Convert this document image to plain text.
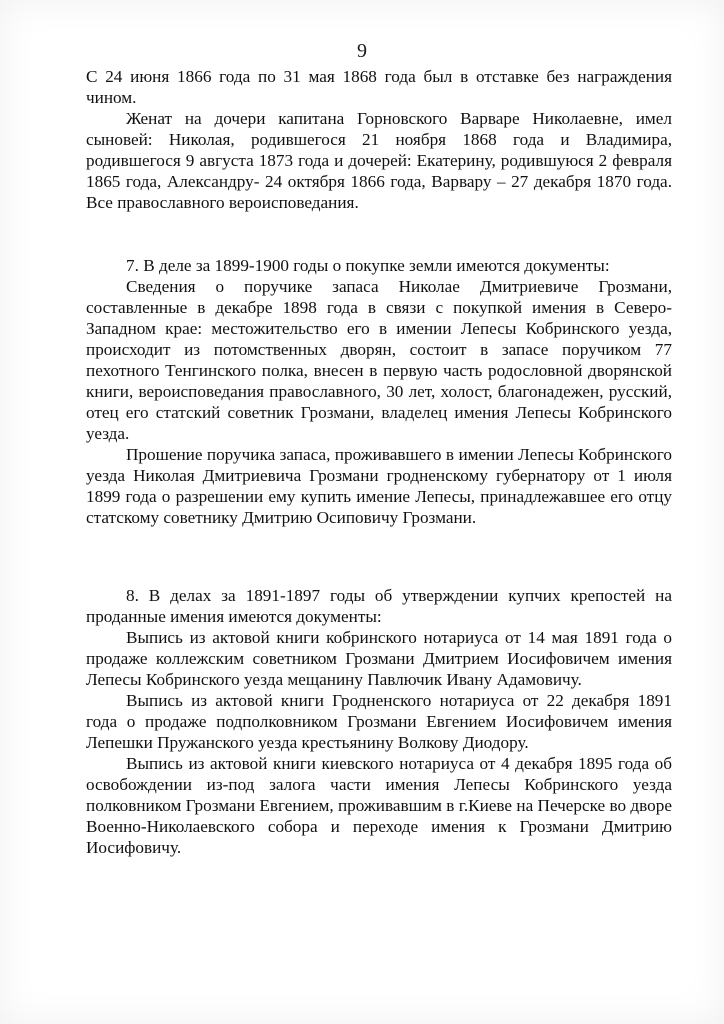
9

С 24 июня 1866 года по 31 мая 1868 года был в отставке без награждения чином.

Женат на дочери капитана Горновского Варваре Николаевне, имел сыновей: Николая, родившегося 21 ноября 1868 года и Владимира, родившегося 9 августа 1873 года и дочерей: Екатерину, родившуюся 2 февраля 1865 года, Александру- 24 октября 1866 года, Варвару – 27 декабря 1870 года. Все православного вероисповедания.

7. В деле за 1899-1900 годы о покупке земли имеются документы:

Сведения о поручике запаса Николае Дмитриевиче Грозмани, составленные в декабре 1898 года в связи с покупкой имения в Северо-Западном крае: местожительство его в имении Лепесы Кобринского уезда, происходит из потомственных дворян, состоит в запасе поручиком 77 пехотного Тенгинского полка, внесен в первую часть родословной дворянской книги, вероисповедания православного, 30 лет, холост, благонадежен, русский, отец его статский советник Грозмани, владелец имения Лепесы Кобринского уезда.

Прошение поручика запаса, проживавшего в имении Лепесы Кобринского уезда Николая Дмитриевича Грозмани гродненскому губернатору от 1 июля 1899 года о разрешении ему купить имение Лепесы, принадлежавшее его отцу статскому советнику Дмитрию Осиповичу Грозмани.

8. В делах за 1891-1897 годы об утверждении купчих крепостей на проданные имения имеются документы:

Выпись из актовой книги кобринского нотариуса от 14 мая 1891 года о продаже коллежским советником Грозмани Дмитрием Иосифовичем имения Лепесы Кобринского уезда мещанину Павлючик Ивану Адамовичу.

Выпись из актовой книги Гродненского нотариуса от 22 декабря 1891 года о продаже подполковником Грозмани Евгением Иосифовичем имения Лепешки Пружанского уезда крестьянину Волкову Диодору.

Выпись из актовой книги киевского нотариуса от 4 декабря 1895 года об освобождении из-под залога части имения Лепесы Кобринского уезда полковником Грозмани Евгением, проживавшим в г.Киеве на Печерске во дворе Военно-Николаевского собора и переходе имения к Грозмани Дмитрию Иосифовичу.
